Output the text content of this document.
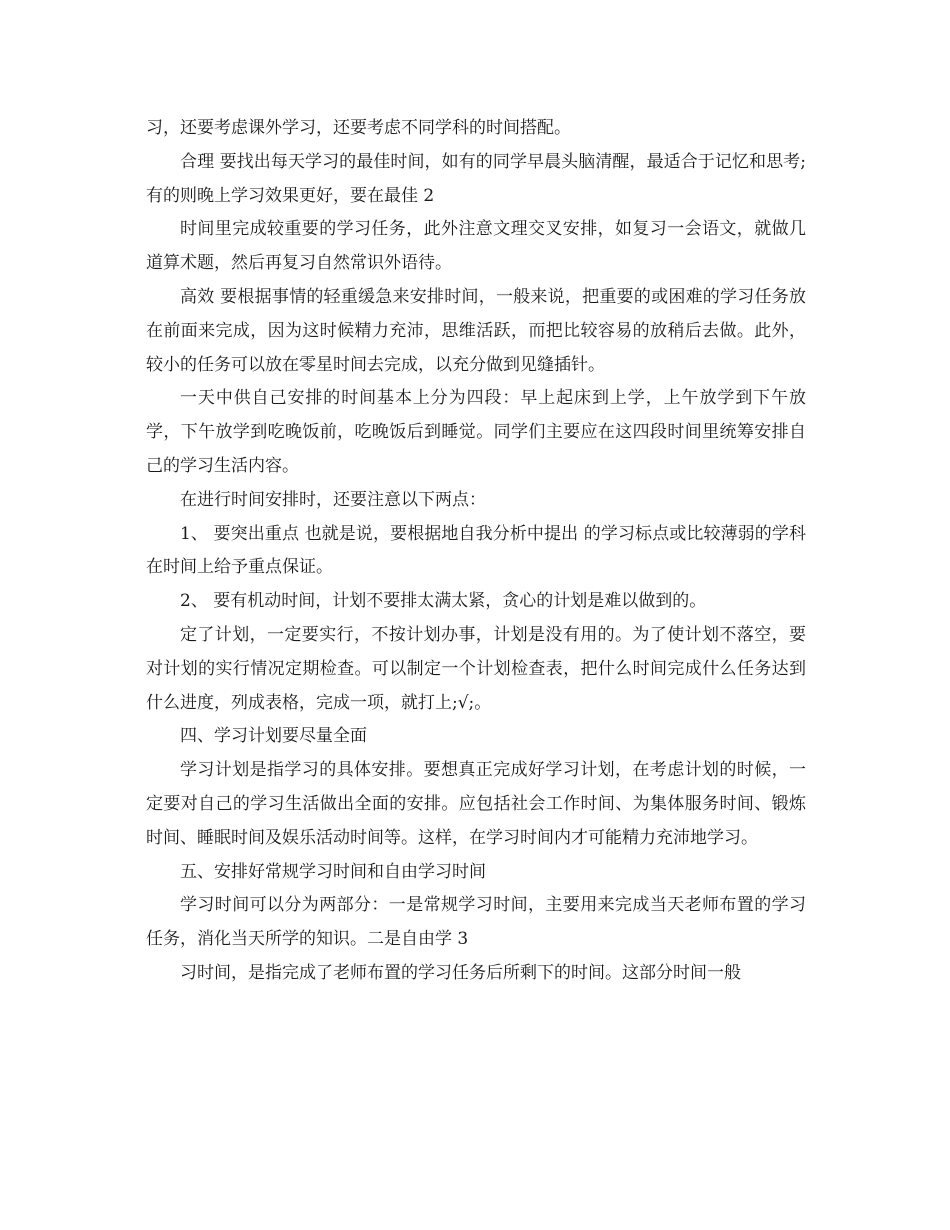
习，还要考虑课外学习，还要考虑不同学科的时间搭配。

合理 要找出每天学习的最佳时间，如有的同学早晨头脑清醒，最适合于记忆和思考;有的则晚上学习效果更好，要在最佳 2

时间里完成较重要的学习任务，此外注意文理交叉安排，如复习一会语文，就做几道算术题，然后再复习自然常识外语待。

高效 要根据事情的轻重缓急来安排时间，一般来说，把重要的或困难的学习任务放在前面来完成，因为这时候精力充沛，思维活跃，而把比较容易的放稍后去做。此外，较小的任务可以放在零星时间去完成，以充分做到见缝插针。

一天中供自己安排的时间基本上分为四段：早上起床到上学，上午放学到下午放学，下午放学到吃晚饭前，吃晚饭后到睡觉。同学们主要应在这四段时间里统筹安排自己的学习生活内容。

在进行时间安排时，还要注意以下两点：

1、 要突出重点 也就是说，要根据地自我分析中提出 的学习标点或比较薄弱的学科在时间上给予重点保证。

2、 要有机动时间，计划不要排太满太紧，贪心的计划是难以做到的。

定了计划，一定要实行，不按计划办事，计划是没有用的。为了使计划不落空，要对计划的实行情况定期检查。可以制定一个计划检查表，把什么时间完成什么任务达到什么进度，列成表格，完成一项，就打上;√;。

四、学习计划要尽量全面

学习计划是指学习的具体安排。要想真正完成好学习计划，在考虑计划的时候，一定要对自己的学习生活做出全面的安排。应包括社会工作时间、为集体服务时间、锻炼时间、睡眠时间及娱乐活动时间等。这样，在学习时间内才可能精力充沛地学习。

五、安排好常规学习时间和自由学习时间

学习时间可以分为两部分：一是常规学习时间，主要用来完成当天老师布置的学习任务，消化当天所学的知识。二是自由学 3

习时间，是指完成了老师布置的学习任务后所剩下的时间。这部分时间一般
